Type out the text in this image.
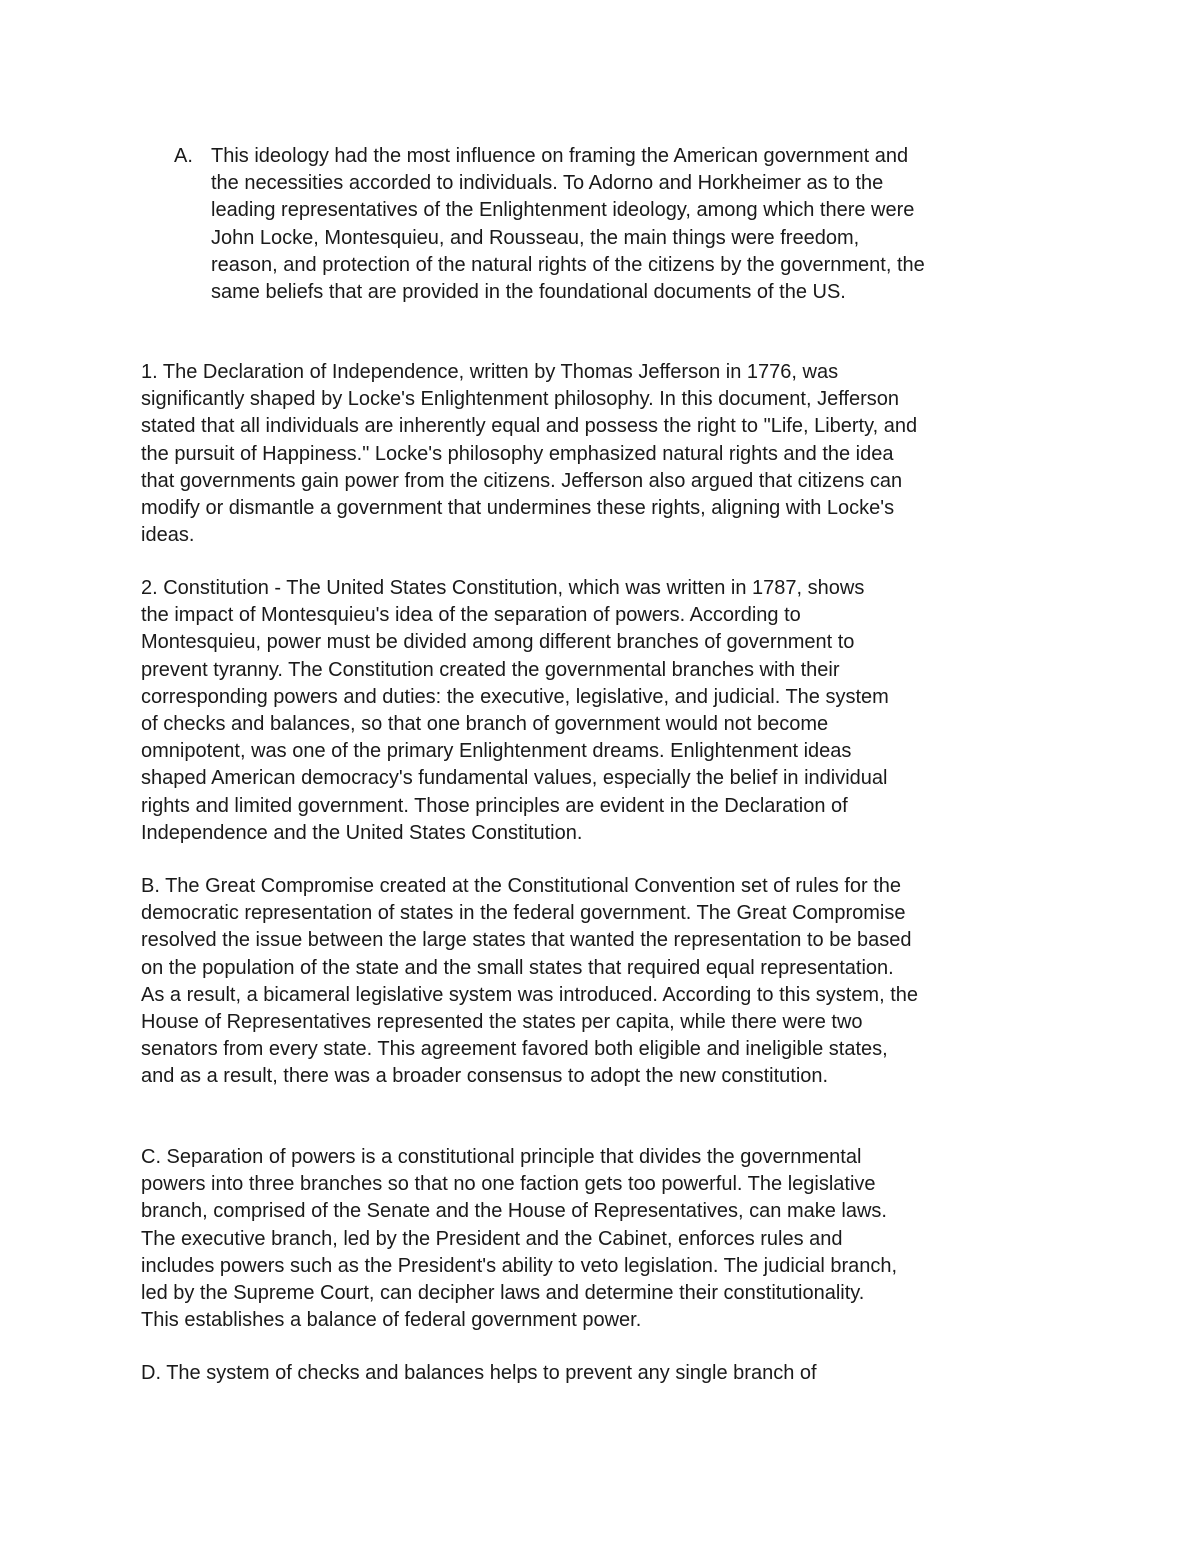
A. This ideology had the most influence on framing the American government and
the necessities accorded to individuals. To Adorno and Horkheimer as to the
leading representatives of the Enlightenment ideology, among which there were
John Locke, Montesquieu, and Rousseau, the main things were freedom,
reason, and protection of the natural rights of the citizens by the government, the
same beliefs that are provided in the foundational documents of the US.
1. The Declaration of Independence, written by Thomas Jefferson in 1776, was
significantly shaped by Locke's Enlightenment philosophy. In this document, Jefferson
stated that all individuals are inherently equal and possess the right to "Life, Liberty, and
the pursuit of Happiness." Locke's philosophy emphasized natural rights and the idea
that governments gain power from the citizens. Jefferson also argued that citizens can
modify or dismantle a government that undermines these rights, aligning with Locke's
ideas.
2. Constitution - The United States Constitution, which was written in 1787, shows
the impact of Montesquieu's idea of the separation of powers. According to
Montesquieu, power must be divided among different branches of government to
prevent tyranny. The Constitution created the governmental branches with their
corresponding powers and duties: the executive, legislative, and judicial. The system
of checks and balances, so that one branch of government would not become
omnipotent, was one of the primary Enlightenment dreams. Enlightenment ideas
shaped American democracy's fundamental values, especially the belief in individual
rights and limited government. Those principles are evident in the Declaration of
Independence and the United States Constitution.
B. The Great Compromise created at the Constitutional Convention set of rules for the
democratic representation of states in the federal government. The Great Compromise
resolved the issue between the large states that wanted the representation to be based
on the population of the state and the small states that required equal representation.
As a result, a bicameral legislative system was introduced. According to this system, the
House of Representatives represented the states per capita, while there were two
senators from every state. This agreement favored both eligible and ineligible states,
and as a result, there was a broader consensus to adopt the new constitution.
C. Separation of powers is a constitutional principle that divides the governmental
powers into three branches so that no one faction gets too powerful. The legislative
branch, comprised of the Senate and the House of Representatives, can make laws.
The executive branch, led by the President and the Cabinet, enforces rules and
includes powers such as the President's ability to veto legislation. The judicial branch,
led by the Supreme Court, can decipher laws and determine their constitutionality.
This establishes a balance of federal government power.
D. The system of checks and balances helps to prevent any single branch of
